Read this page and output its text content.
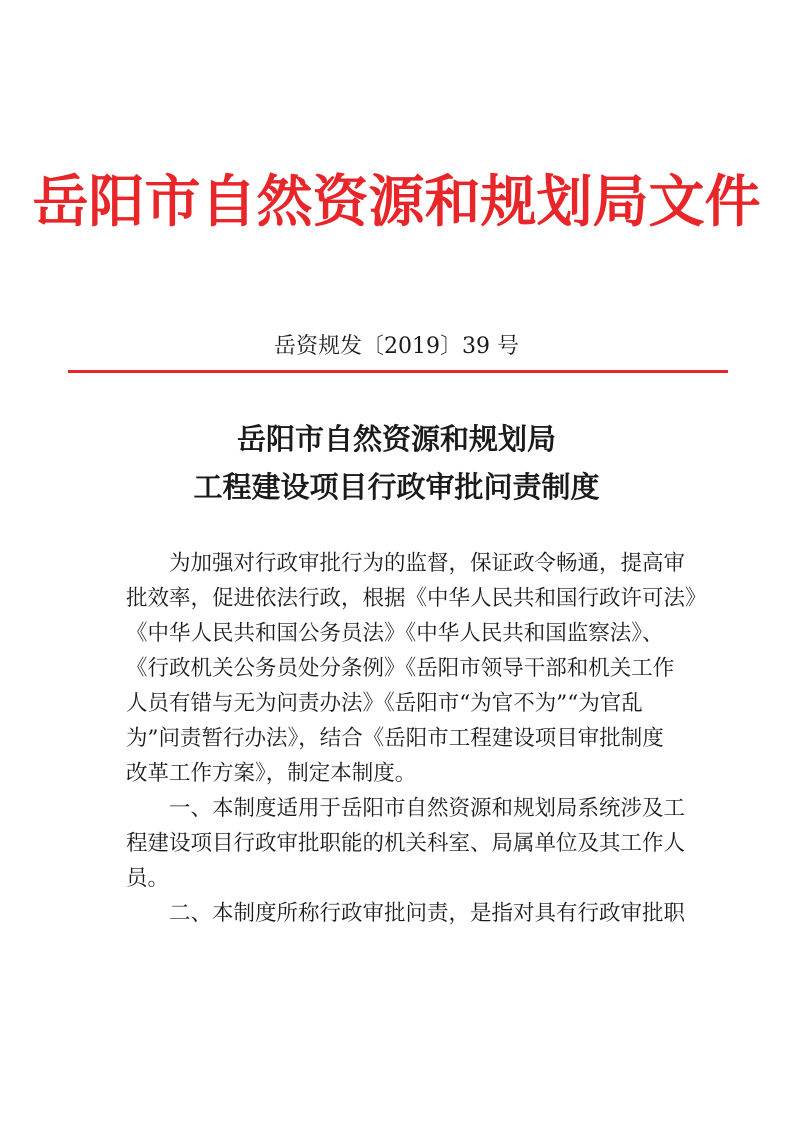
岳阳市自然资源和规划局文件
岳资规发〔2019〕39 号
岳阳市自然资源和规划局
工程建设项目行政审批问责制度
　　为加强对行政审批行为的监督，保证政令畅通，提高审
批效率，促进依法行政，根据《中华人民共和国行政许可法》
《中华人民共和国公务员法》《中华人民共和国监察法》、
《行政机关公务员处分条例》《岳阳市领导干部和机关工作
人员有错与无为问责办法》《岳阳市“为官不为”“为官乱
为”问责暂行办法》，结合《岳阳市工程建设项目审批制度
改革工作方案》，制定本制度。
　　一、本制度适用于岳阳市自然资源和规划局系统涉及工
程建设项目行政审批职能的机关科室、局属单位及其工作人
员。
　　二、本制度所称行政审批问责，是指对具有行政审批职
